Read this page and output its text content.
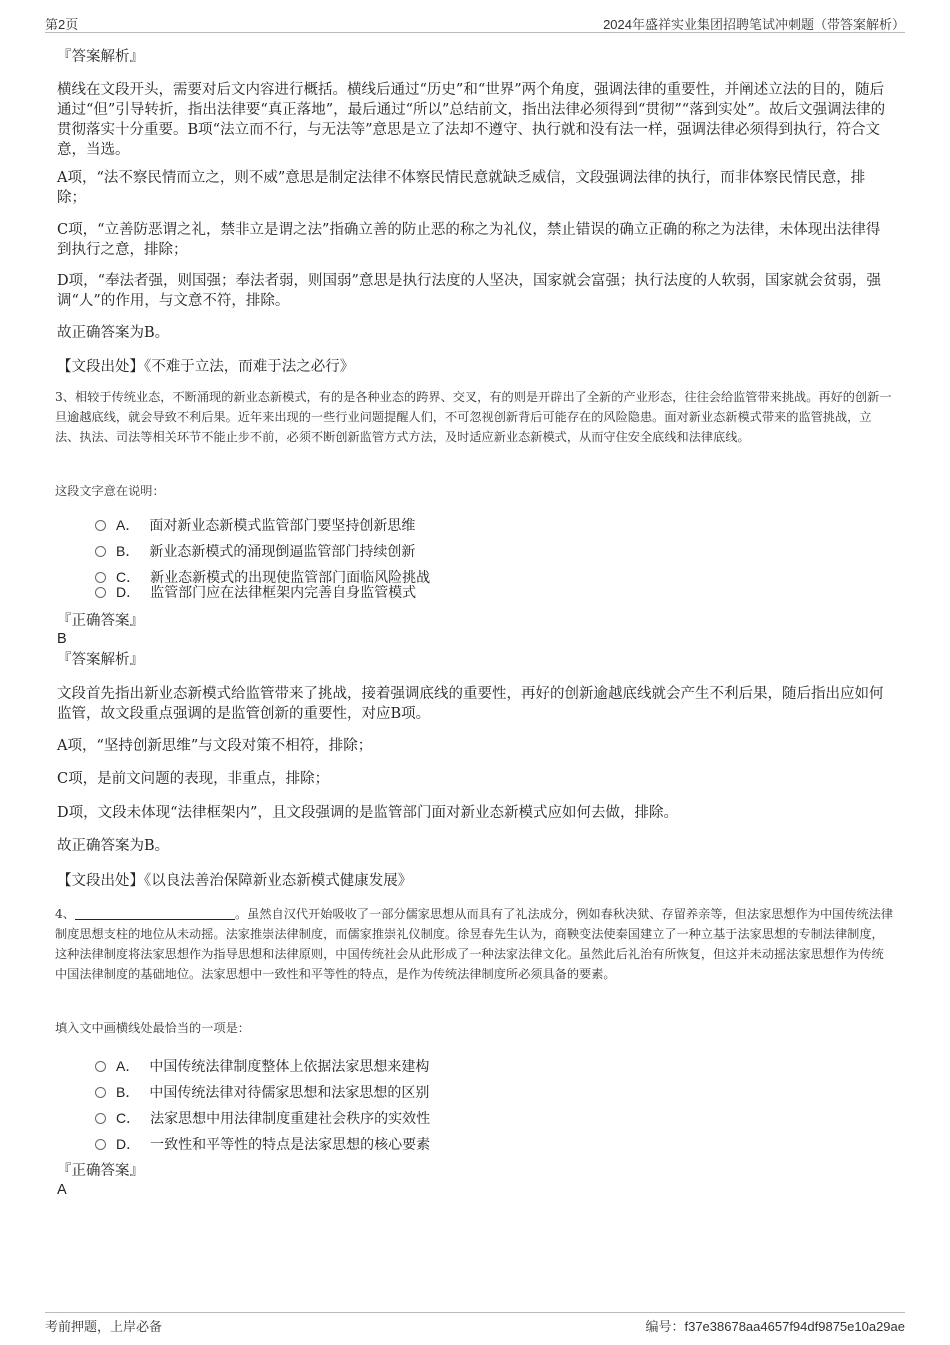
第2页	2024年盛祥实业集团招聘笔试冲刺题（带答案解析）
『答案解析』
横线在文段开头，需要对后文内容进行概括。横线后通过“历史”和“世界”两个角度，强调法律的重要性，并阐述立法的目的，随后通过“但”引导转折，指出法律要“真正落地”，最后通过“所以”总结前文，指出法律必须得到“贯彻”“落到实处”。故后文强调法律的贯彻落实十分重要。B项“法立而不行，与无法等”意思是立了法却不遵守、执行就和没有法一样，强调法律必须得到执行，符合文意，当选。
A项，“法不察民情而立之，则不威”意思是制定法律不体察民情民意就缺乏威信，文段强调法律的执行，而非体察民情民意，排除；
C项，“立善防恶谓之礼，禁非立是谓之法”指确立善的防止恶的称之为礼仪，禁止错误的确立正确的称之为法律，未体现出法律得到执行之意，排除；
D项，“奉法者强，则国强；奉法者弱，则国弱”意思是执行法度的人坚决，国家就会富强；执行法度的人软弱，国家就会贫弱，强调“人”的作用，与文意不符，排除。
故正确答案为B。
【文段出处】《不难于立法，而难于法之必行》
3、相较于传统业态，不断涌现的新业态新模式，有的是各种业态的跨界、交叉，有的则是开辟出了全新的产业形态，往往会给监管带来挑战。再好的创新一旦逾越底线，就会导致不利后果。近年来出现的一些行业问题提醒人们，不可忽视创新背后可能存在的风险隐患。面对新业态新模式带来的监管挑战，立法、执法、司法等相关环节不能止步不前，必须不断创新监管方式方法，及时适应新业态新模式，从而守住安全底线和法律底线。
这段文字意在说明：
A． 面对新业态新模式监管部门要坚持创新思维
B． 新业态新模式的涌现倒逼监管部门持续创新
C． 新业态新模式的出现使监管部门面临风险挑战
D． 监管部门应在法律框架内完善自身监管模式
『正确答案』
B
『答案解析』
文段首先指出新业态新模式给监管带来了挑战，接着强调底线的重要性，再好的创新逾越底线就会产生不利后果，随后指出应如何监管，故文段重点强调的是监管创新的重要性，对应B项。
A项，“坚持创新思维”与文段对策不相符，排除；
C项，是前文问题的表现，非重点，排除；
D项，文段未体现“法律框架内”，且文段强调的是监管部门面对新业态新模式应如何去做，排除。
故正确答案为B。
【文段出处】《以良法善治保障新业态新模式健康发展》
4、	。虽然自汉代开始吸收了一部分儒家思想从而具有了礼法成分，例如春秋决狱、存留养亲等，但法家思想作为中国传统法律制度思想支柱的地位从未动摇。法家推崇法律制度，而儒家推崇礼仪制度。徐昱春先生认为，商鞅变法使秦国建立了一种立基于法家思想的专制法律制度，这种法律制度将法家思想作为指导思想和法律原则，中国传统社会从此形成了一种法家法律文化。虽然此后礼治有所恢复，但这并未动摇法家思想作为传统中国法律制度的基础地位。法家思想中一致性和平等性的特点，是作为传统法律制度所必须具备的要素。
填入文中画横线处最恰当的一项是：
A． 中国传统法律制度整体上依据法家思想来建构
B． 中国传统法律对待儒家思想和法家思想的区别
C． 法家思想中用法律制度重建社会秩序的实效性
D． 一致性和平等性的特点是法家思想的核心要素
『正确答案』
A
考前押题，上岸必备	编号：f37e38678aa4657f94df9875e10a29ae
